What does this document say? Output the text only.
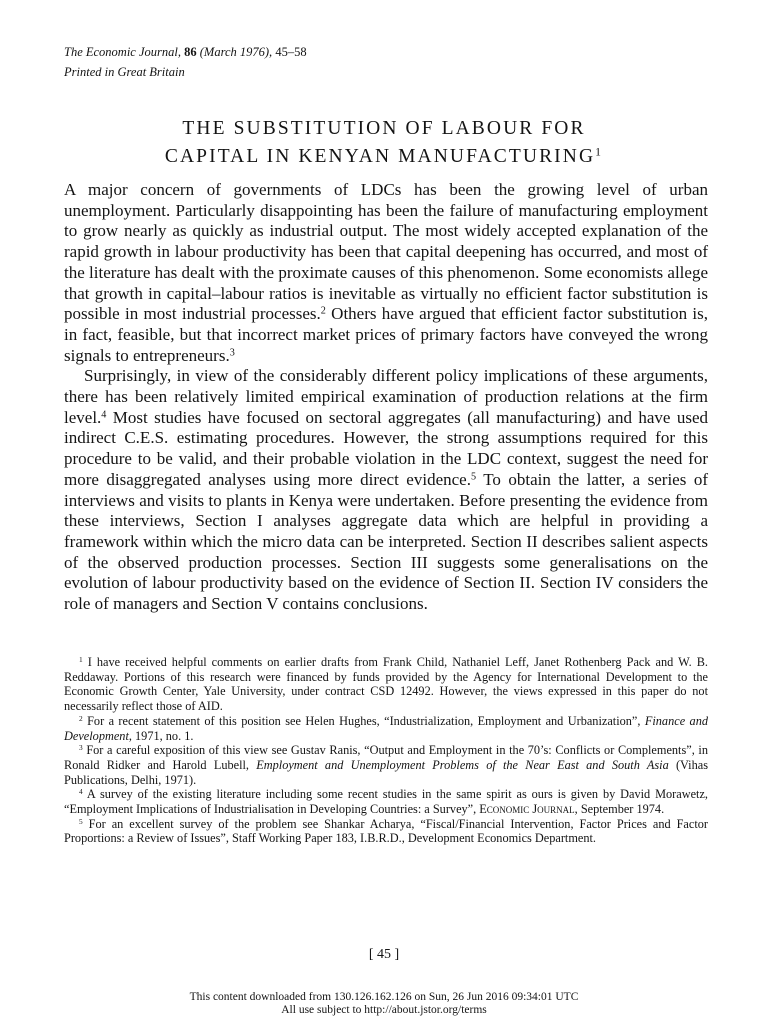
The Economic Journal, 86 (March 1976), 45–58
Printed in Great Britain
THE SUBSTITUTION OF LABOUR FOR
CAPITAL IN KENYAN MANUFACTURING$^1$

A major concern of governments of LDCs has been the growing level of urban unemployment. Particularly disappointing has been the failure of manufacturing employment to grow nearly as quickly as industrial output. The most widely accepted explanation of the rapid growth in labour productivity has been that capital deepening has occurred, and most of the literature has dealt with the proximate causes of this phenomenon. Some economists allege that growth in capital–labour ratios is inevitable as virtually no efficient factor substitution is possible in most industrial processes.$^2$ Others have argued that efficient factor substitution is, in fact, feasible, but that incorrect market prices of primary factors have conveyed the wrong signals to entrepreneurs.$^3$

Surprisingly, in view of the considerably different policy implications of these arguments, there has been relatively limited empirical examination of production relations at the firm level.$^4$ Most studies have focused on sectoral aggregates (all manufacturing) and have used indirect C.E.S. estimating procedures. However, the strong assumptions required for this procedure to be valid, and their probable violation in the LDC context, suggest the need for more disaggregated analyses using more direct evidence.$^5$ To obtain the latter, a series of interviews and visits to plants in Kenya were undertaken. Before presenting the evidence from these interviews, Section I analyses aggregate data which are helpful in providing a framework within which the micro data can be interpreted. Section II describes salient aspects of the observed production processes. Section III suggests some generalisations on the evolution of labour productivity based on the evidence of Section II. Section IV considers the role of managers and Section V contains conclusions.

$^1$ I have received helpful comments on earlier drafts from Frank Child, Nathaniel Leff, Janet Rothenberg Pack and W. B. Reddaway. Portions of this research were financed by funds provided by the Agency for International Development to the Economic Growth Center, Yale University, under contract CSD 12492. However, the views expressed in this paper do not necessarily reflect those of AID.

$^2$ For a recent statement of this position see Helen Hughes, “Industrialization, Employment and Urbanization”, Finance and Development, 1971, no. 1.

$^3$ For a careful exposition of this view see Gustav Ranis, “Output and Employment in the 70’s: Conflicts or Complements”, in Ronald Ridker and Harold Lubell, Employment and Unemployment Problems of the Near East and South Asia (Vihas Publications, Delhi, 1971).

$^4$ A survey of the existing literature including some recent studies in the same spirit as ours is given by David Morawetz, “Employment Implications of Industrialisation in Developing Countries: a Survey”, Economic Journal, September 1974.

$^5$ For an excellent survey of the problem see Shankar Acharya, “Fiscal/Financial Intervention, Factor Prices and Factor Proportions: a Review of Issues”, Staff Working Paper 183, I.B.R.D., Development Economics Department.

[ 45 ]
This content downloaded from 130.126.162.126 on Sun, 26 Jun 2016 09:34:01 UTC
All use subject to http://about.jstor.org/terms
